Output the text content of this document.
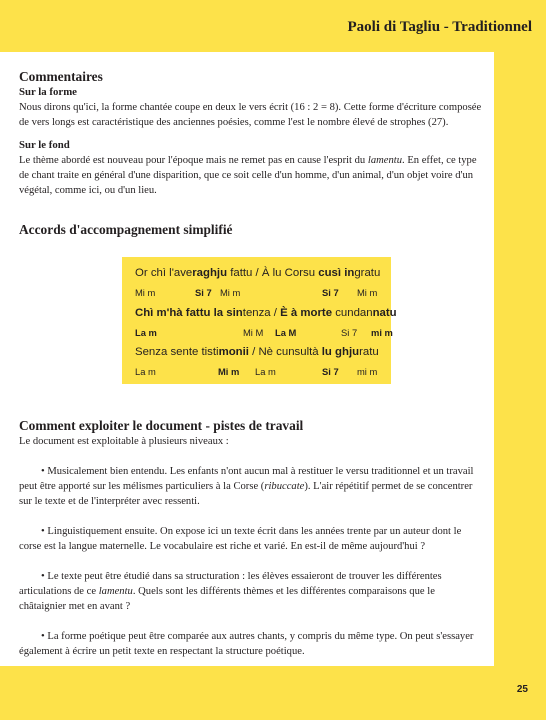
Paoli di Tagliu - Traditionnel
Commentaires
Sur la forme

Nous dirons qu'ici, la forme chantée coupe en deux le vers écrit (16 : 2 = 8). Cette forme d'écriture composée de vers longs est caractéristique des anciennes poésies, comme l'est le nombre élevé de strophes (27).

Sur le fond

Le thème abordé est nouveau pour l'époque mais ne remet pas en cause l'esprit du lamentu. En effet, ce type de chant traite en général d'une disparition, que ce soit celle d'un homme, d'un animal, d'un objet voire d'un végétal, comme ici, ou d'un lieu.

Accords d'accompagnement simplifié
Or chì l'averaghju fattu / À lu Corsu cusì ingratu
Mi m	Si 7 Mi m	Si 7 Mi m
Chì m'hà fattu la sintenza / È à morte cundannatu
La m	Mi M La M	Si 7 mi m
Senza sente tistimonii / Nè cunsultà lu ghjuratu
La m	Mi m La m	Si 7 mi m
Comment exploiter le document - pistes de travail

Le document est exploitable à plusieurs niveaux :

• Musicalement bien entendu. Les enfants n'ont aucun mal à restituer le versu traditionnel et un travail peut être apporté sur les mélismes particuliers à la Corse (ribuccate). L'air répétitif permet de se concentrer sur le texte et de l'interpréter avec ressenti.

• Linguistiquement ensuite. On expose ici un texte écrit dans les années trente par un auteur dont le corse est la langue maternelle. Le vocabulaire est riche et varié. En est-il de même aujourd'hui ?

• Le texte peut être étudié dans sa structuration : les élèves essaieront de trouver les différentes articulations de ce lamentu. Quels sont les différents thèmes et les différentes comparaisons que le châtaignier met en avant ?

• La forme poétique peut être comparée aux autres chants, y compris du même type. On peut s'essayer également à écrire un petit texte en respectant la structure poétique.

25
